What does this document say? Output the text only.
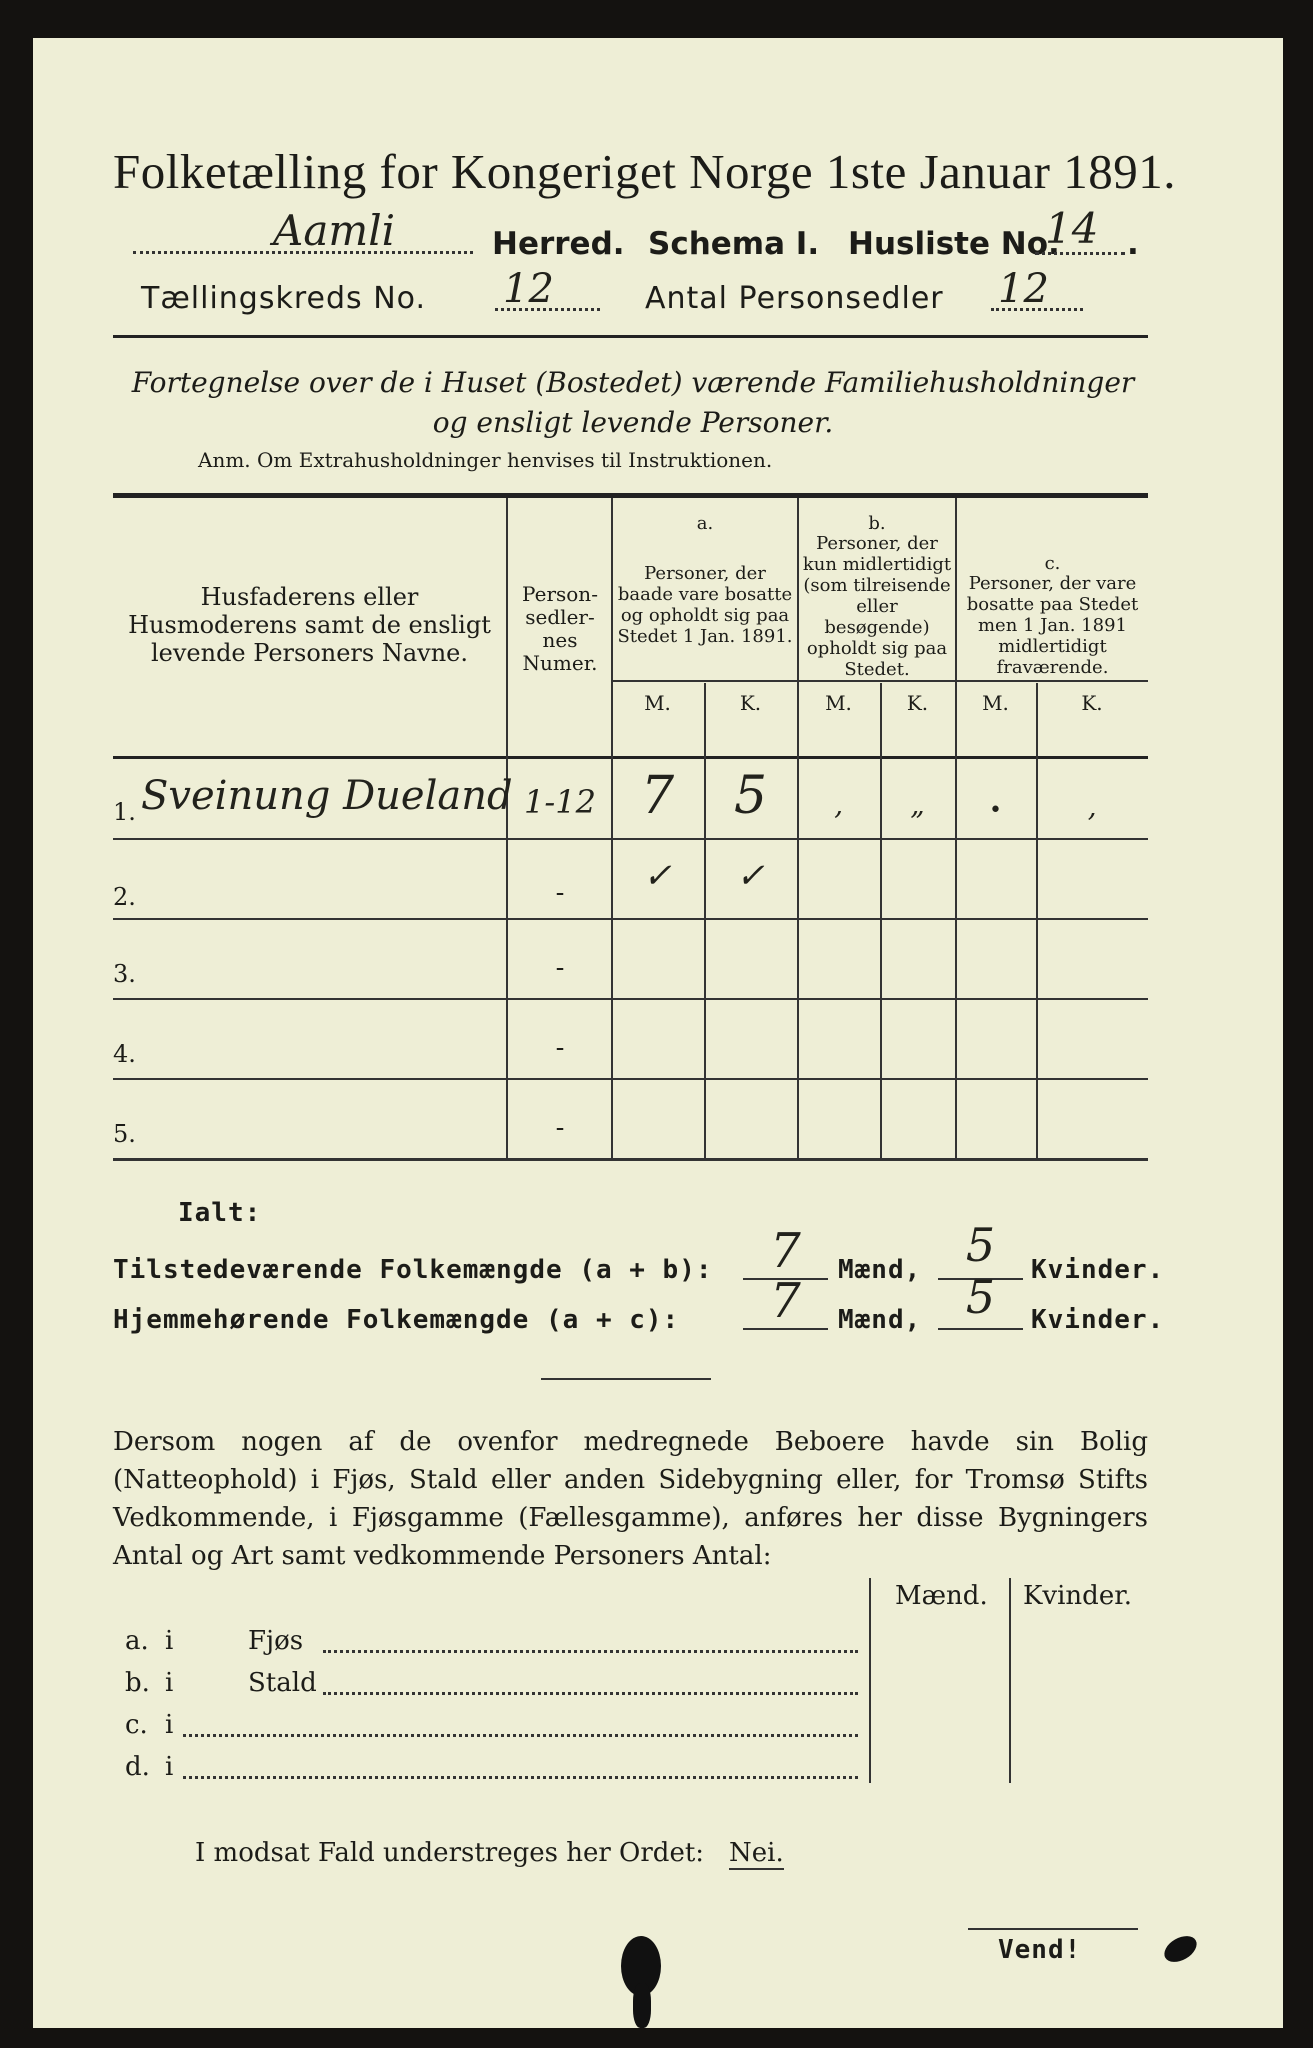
Folketælling for Kongeriget Norge 1ste Januar 1891.
Aamli	Herred. Schema I. Husliste No.
14 .
Tællingskreds No. 12	Antal Personsedler 12
Fortegnelse over de i Huset (Bostedet) værende Familiehusholdninger og ensligt levende Personer.
Anm. Om Extrahusholdninger henvises til Instruktionen.
Husfaderens eller Husmoderens samt de ensligt levende Personers Navne.
Person-sedler-nes Numer.
a.
Personer, der baade vare bosatte og opholdt sig paa Stedet 1 Jan. 1891.
b.
Personer, der kun midlertidigt (som tilreisende eller besøgende) opholdt sig paa Stedet.
c.
Personer, der vare bosatte paa Stedet men 1 Jan. 1891 midlertidigt fraværende.
M.	K.	M.	K.	M.	K.
1. Sveinung Dueland 1-12 7	5	‚	„	•	‚
2.	-	✓	✓
3.	-
4.	-
5.	-
Ialt:
Tilstedeværende Folkemængde (a + b):	7	Mænd, 5	Kvinder.
Hjemmehørende Folkemængde (a + c):	7	Mænd, 5	Kvinder.
Dersom nogen af de ovenfor medregnede Beboere havde sin Bolig (Natteophold) i Fjøs, Stald eller anden Sidebygning eller, for Tromsø Stifts Vedkommende, i Fjøsgamme (Fællesgamme), anføres her disse Bygningers Antal og Art samt vedkommende Personers Antal:
Mænd. Kvinder.
a. i	Fjøs
b. i	Stald
c. i
d. i
I modsat Fald understreges her Ordet: Nei.
Vend!
